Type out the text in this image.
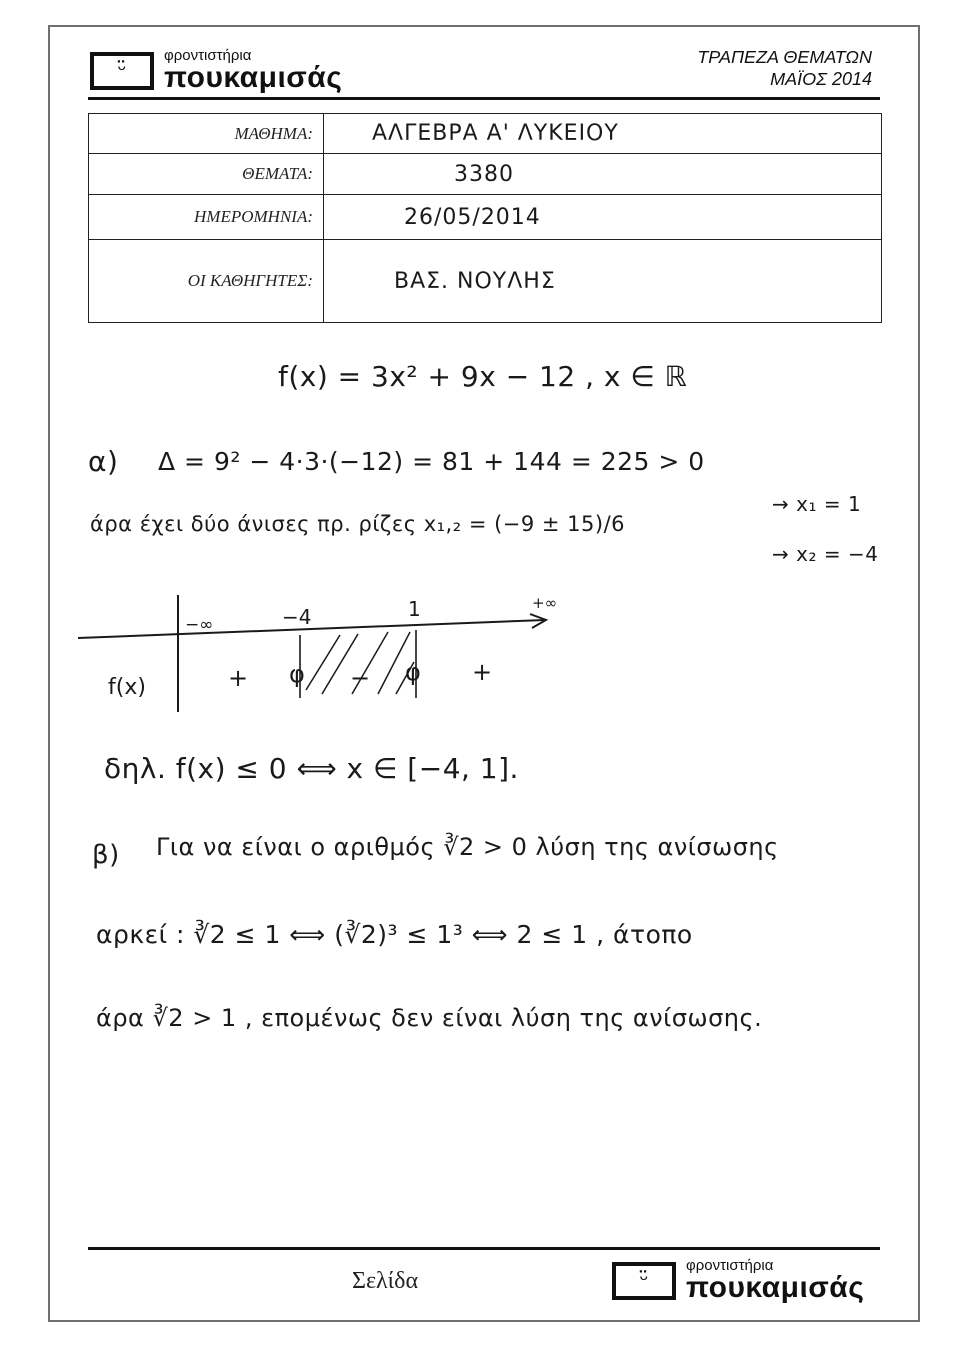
ᵕ̈
φροντιστήρια
πουκαμισάς
ΤΡΑΠΕΖΑ ΘΕΜΑΤΩΝ
ΜΑΪΟΣ 2014
ΜΑΘΗΜΑ:	ΑΛΓΕΒΡΑ Α' ΛΥΚΕΙΟΥ
ΘΕΜΑΤΑ:	3380
ΗΜΕΡΟΜΗΝΙΑ:	26/05/2014
ΟΙ ΚΑΘΗΓΗΤΕΣ:	ΒΑΣ. ΝΟΥΛΗΣ
f(x) = 3x² + 9x − 12 , x ∈ ℝ
α) Δ = 9² − 4·3·(−12) = 81 + 144 = 225 > 0
άρα έχει δύο άνισες πρ. ρίζες x₁,₂ = (−9 ± 15)/6
→ x₁ = 1
→ x₂ = −4
−∞	−4	1	+∞
f(x)	+	−	+
φ	φ
δηλ. f(x) ≤ 0 ⟺ x ∈ [−4, 1].
β) Για να είναι ο αριθμός ∛2 > 0 λύση της ανίσωσης
αρκεί : ∛2 ≤ 1 ⟺ (∛2)³ ≤ 1³ ⟺ 2 ≤ 1 , άτοπο
άρα ∛2 > 1 , επομένως δεν είναι λύση της ανίσωσης.
Σελίδα	ᵕ̈
φροντιστήρια
πουκαμισάς
